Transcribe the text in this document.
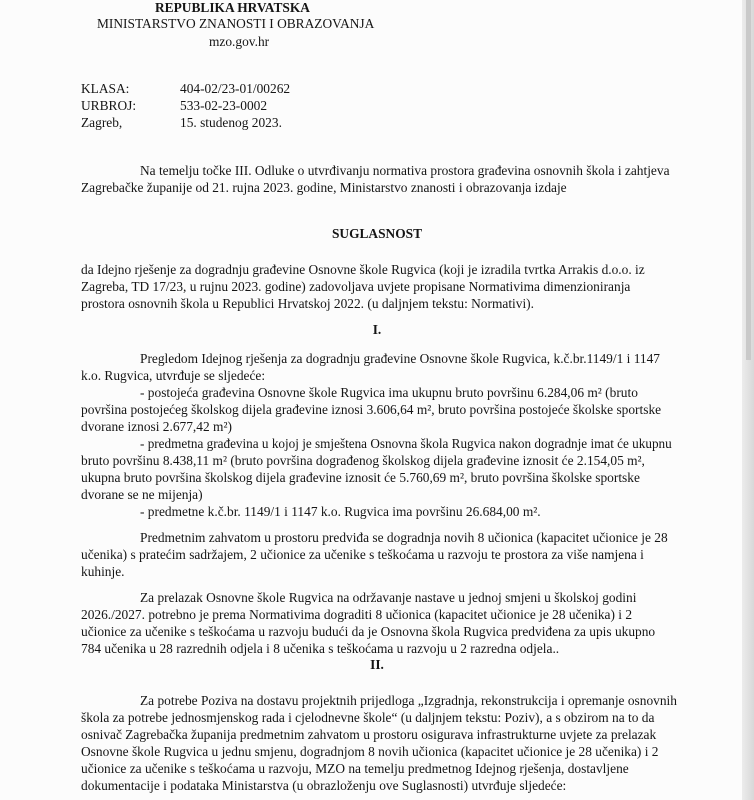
REPUBLIKA HRVATSKA
MINISTARSTVO ZNANOSTI I OBRAZOVANJA
mzo.gov.hr
KLASA:	404-02/23-01/00262
URBROJ:	533-02-23-0002
Zagreb,	15. studenog 2023.
Na temelju točke III. Odluke o utvrđivanju normativa prostora građevina osnovnih škola i zahtjeva
Zagrebačke županije od 21. rujna 2023. godine, Ministarstvo znanosti i obrazovanja izdaje
SUGLASNOST
da Idejno rješenje za dogradnju građevine Osnovne škole Rugvica (koji je izradila tvrtka Arrakis d.o.o. iz
Zagreba, TD 17/23, u rujnu 2023. godine) zadovoljava uvjete propisane Normativima dimenzioniranja
prostora osnovnih škola u Republici Hrvatskoj 2022. (u daljnjem tekstu: Normativi).
I.
Pregledom Idejnog rješenja za dogradnju građevine Osnovne škole Rugvica, k.č.br.1149/1 i 1147
k.o. Rugvica, utvrđuje se sljedeće:
- postojeća građevina Osnovne škole Rugvica ima ukupnu bruto površinu 6.284,06 m² (bruto
površina postojećeg školskog dijela građevine iznosi 3.606,64 m², bruto površina postojeće školske sportske
dvorane iznosi 2.677,42 m²)
- predmetna građevina u kojoj je smještena Osnovna škola Rugvica nakon dogradnje imat će ukupnu
bruto površinu 8.438,11 m² (bruto površina dograđenog školskog dijela građevine iznosit će 2.154,05 m²,
ukupna bruto površina školskog dijela građevine iznosit će 5.760,69 m², bruto površina školske sportske
dvorane se ne mijenja)
- predmetne k.č.br. 1149/1 i 1147 k.o. Rugvica ima površinu 26.684,00 m².
Predmetnim zahvatom u prostoru predviđa se dogradnja novih 8 učionica (kapacitet učionice je 28
učenika) s pratećim sadržajem, 2 učionice za učenike s teškoćama u razvoju te prostora za više namjena i
kuhinje.
Za prelazak Osnovne škole Rugvica na održavanje nastave u jednoj smjeni u školskoj godini
2026./2027. potrebno je prema Normativima dograditi 8 učionica (kapacitet učionice je 28 učenika) i 2
učionice za učenike s teškoćama u razvoju budući da je Osnovna škola Rugvica predviđena za upis ukupno
784 učenika u 28 razrednih odjela i 8 učenika s teškoćama u razvoju u 2 razredna odjela..
II.
Za potrebe Poziva na dostavu projektnih prijedloga „Izgradnja, rekonstrukcija i opremanje osnovnih
škola za potrebe jednosmjenskog rada i cjelodnevne škole“ (u daljnjem tekstu: Poziv), a s obzirom na to da
osnivač Zagrebačka županija predmetnim zahvatom u prostoru osigurava infrastrukturne uvjete za prelazak
Osnovne škole Rugvica u jednu smjenu, dogradnjom 8 novih učionica (kapacitet učionice je 28 učenika) i 2
učionice za učenike s teškoćama u razvoju, MZO na temelju predmetnog Idejnog rješenja, dostavljene
dokumentacije i podataka Ministarstva (u obrazloženju ove Suglasnosti) utvrđuje sljedeće:
